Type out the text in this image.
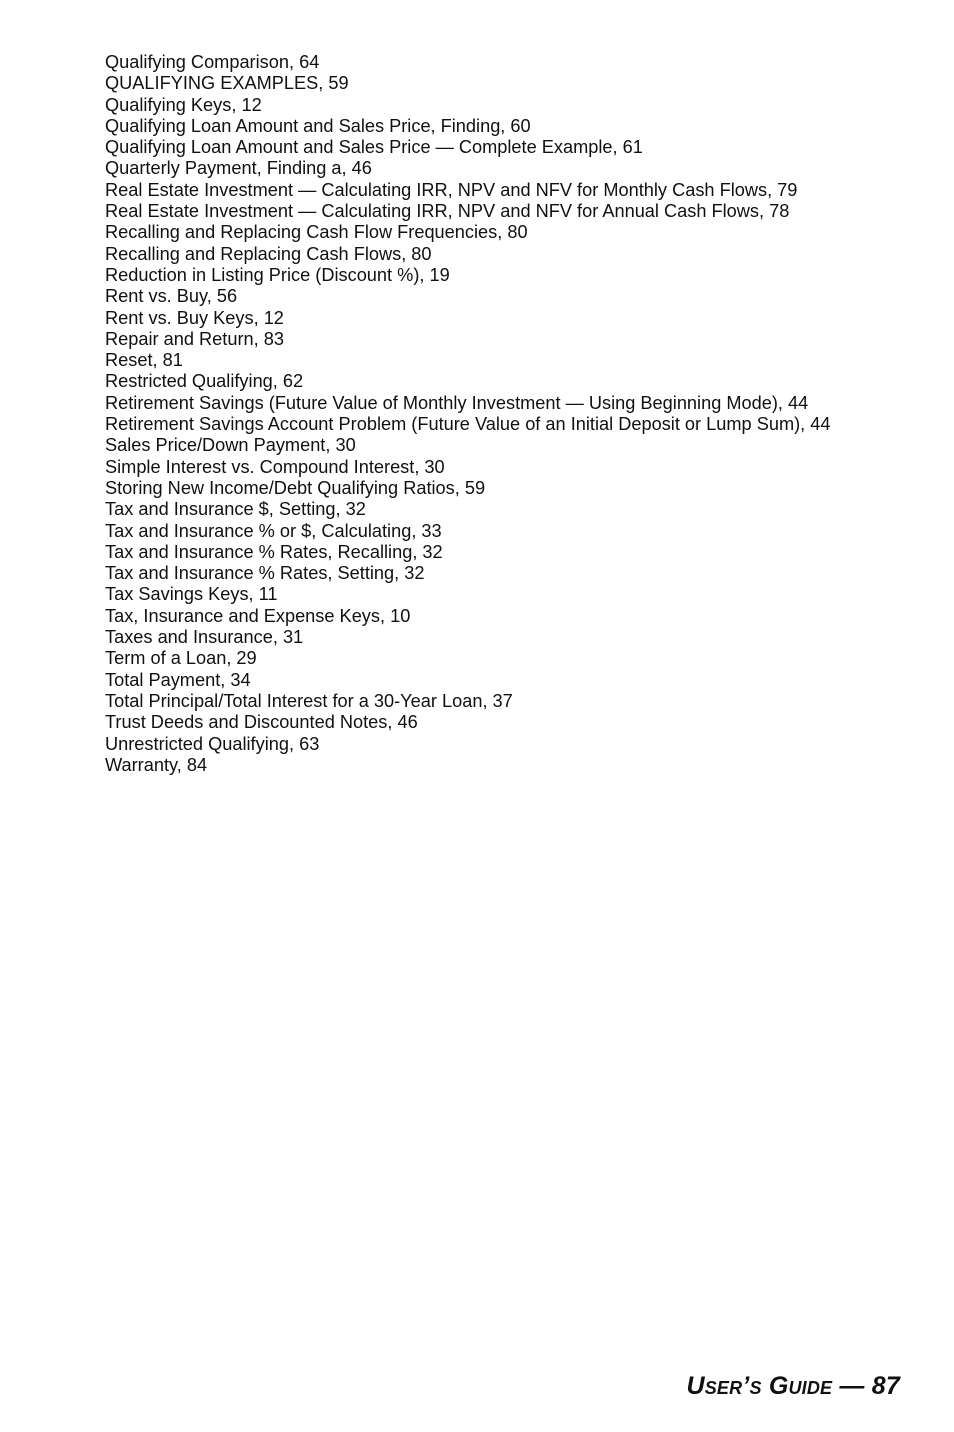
Qualifying Comparison, 64
QUALIFYING EXAMPLES, 59
Qualifying Keys, 12
Qualifying Loan Amount and Sales Price, Finding, 60
Qualifying Loan Amount and Sales Price — Complete Example, 61
Quarterly Payment, Finding a, 46
Real Estate Investment — Calculating IRR, NPV and NFV for Monthly Cash Flows, 79
Real Estate Investment — Calculating IRR, NPV and NFV for Annual Cash Flows, 78
Recalling and Replacing Cash Flow Frequencies, 80
Recalling and Replacing Cash Flows, 80
Reduction in Listing Price (Discount %), 19
Rent vs. Buy, 56
Rent vs. Buy Keys, 12
Repair and Return, 83
Reset, 81
Restricted Qualifying, 62
Retirement Savings (Future Value of Monthly Investment — Using Beginning Mode), 44
Retirement Savings Account Problem (Future Value of an Initial Deposit or Lump Sum), 44
Sales Price/Down Payment, 30
Simple Interest vs. Compound Interest, 30
Storing New Income/Debt Qualifying Ratios, 59
Tax and Insurance $, Setting, 32
Tax and Insurance % or $, Calculating, 33
Tax and Insurance % Rates, Recalling, 32
Tax and Insurance % Rates, Setting, 32
Tax Savings Keys, 11
Tax, Insurance and Expense Keys, 10
Taxes and Insurance, 31
Term of a Loan, 29
Total Payment, 34
Total Principal/Total Interest for a 30-Year Loan, 37
Trust Deeds and Discounted Notes, 46
Unrestricted Qualifying, 63
Warranty, 84
User’s Guide — 87
